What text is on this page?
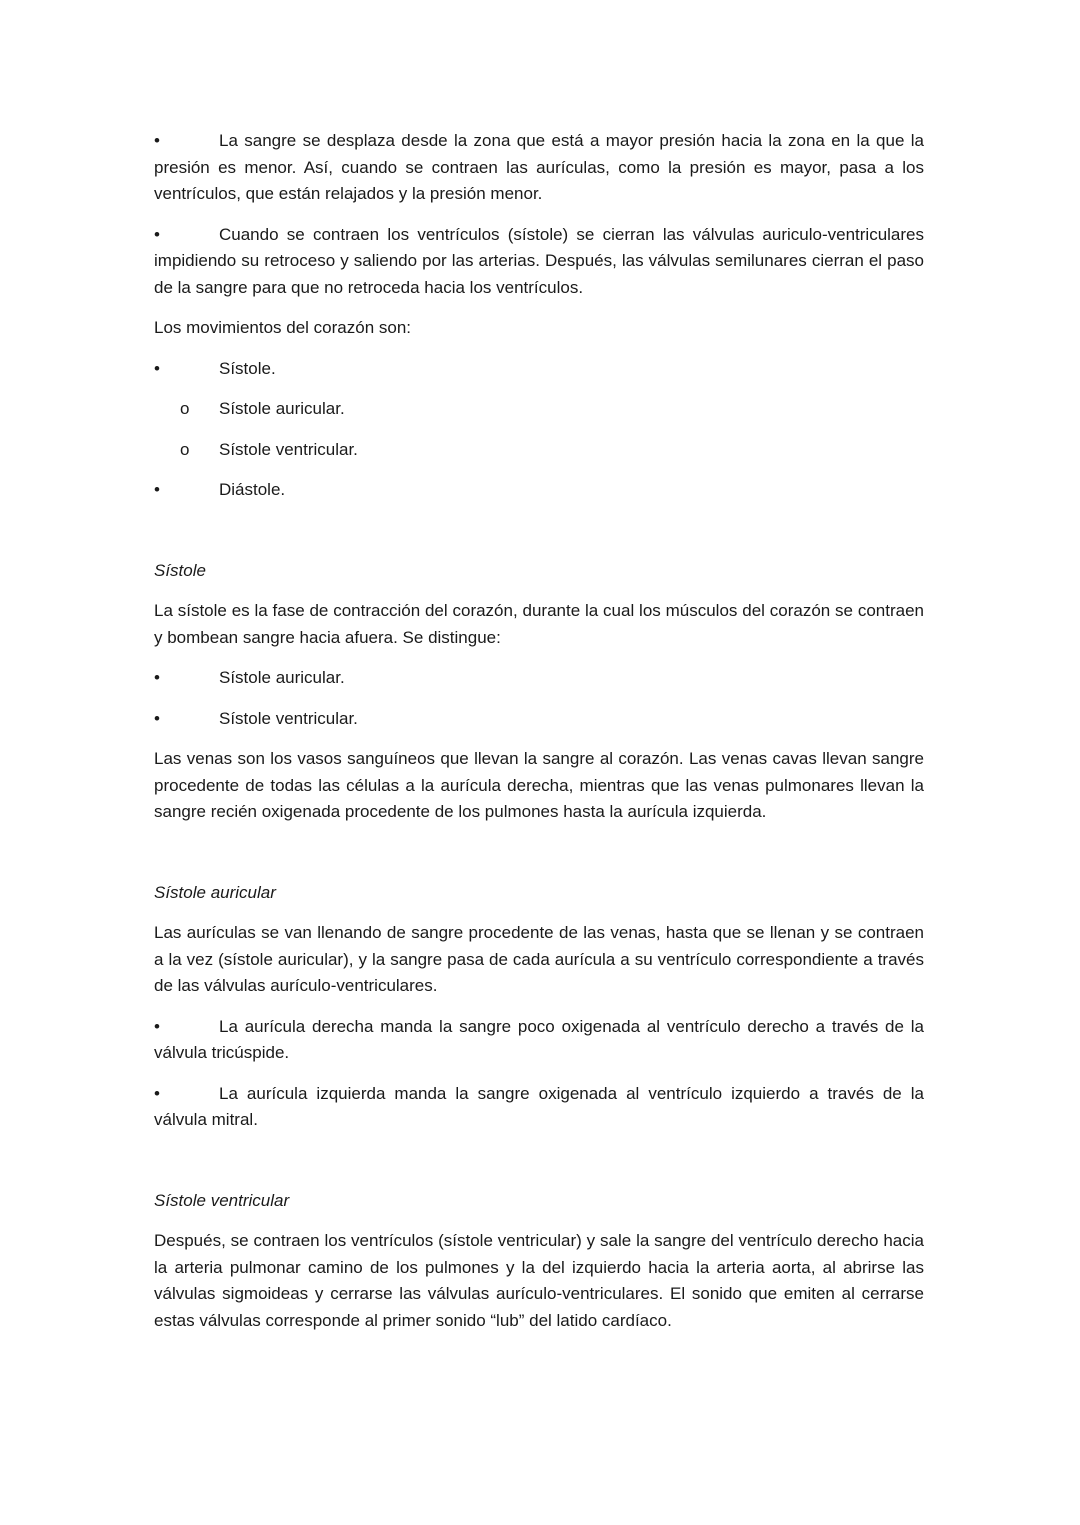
•	La sangre se desplaza desde la zona que está a mayor presión hacia la zona en la que la presión es menor. Así, cuando se contraen las aurículas, como la presión es mayor, pasa a los ventrículos, que están relajados y la presión menor.

•	Cuando se contraen los ventrículos (sístole) se cierran las válvulas auriculo-ventriculares impidiendo su retroceso y saliendo por las arterias. Después, las válvulas semilunares cierran el paso de la sangre para que no retroceda hacia los ventrículos.

Los movimientos del corazón son:

•	Sístole.
o Sístole auricular.
o Sístole ventricular.
•	Diástole.

Sístole

La sístole es la fase de contracción del corazón, durante la cual los músculos del corazón se contraen y bombean sangre hacia afuera. Se distingue:

•	Sístole auricular.
•	Sístole ventricular.

Las venas son los vasos sanguíneos que llevan la sangre al corazón. Las venas cavas llevan sangre procedente de todas las células a la aurícula derecha, mientras que las venas pulmonares llevan la sangre recién oxigenada procedente de los pulmones hasta la aurícula izquierda.

Sístole auricular

Las aurículas se van llenando de sangre procedente de las venas, hasta que se llenan y se contraen a la vez (sístole auricular), y la sangre pasa de cada aurícula a su ventrículo correspondiente a través de las válvulas aurículo-ventriculares.

•	La aurícula derecha manda la sangre poco oxigenada al ventrículo derecho a través de la válvula tricúspide.

•	La aurícula izquierda manda la sangre oxigenada al ventrículo izquierdo a través de la válvula mitral.

Sístole ventricular

Después, se contraen los ventrículos (sístole ventricular) y sale la sangre del ventrículo derecho hacia la arteria pulmonar camino de los pulmones y la del izquierdo hacia la arteria aorta, al abrirse las válvulas sigmoideas y cerrarse las válvulas aurículo-ventriculares. El sonido que emiten al cerrarse estas válvulas corresponde al primer sonido “lub” del latido cardíaco.
